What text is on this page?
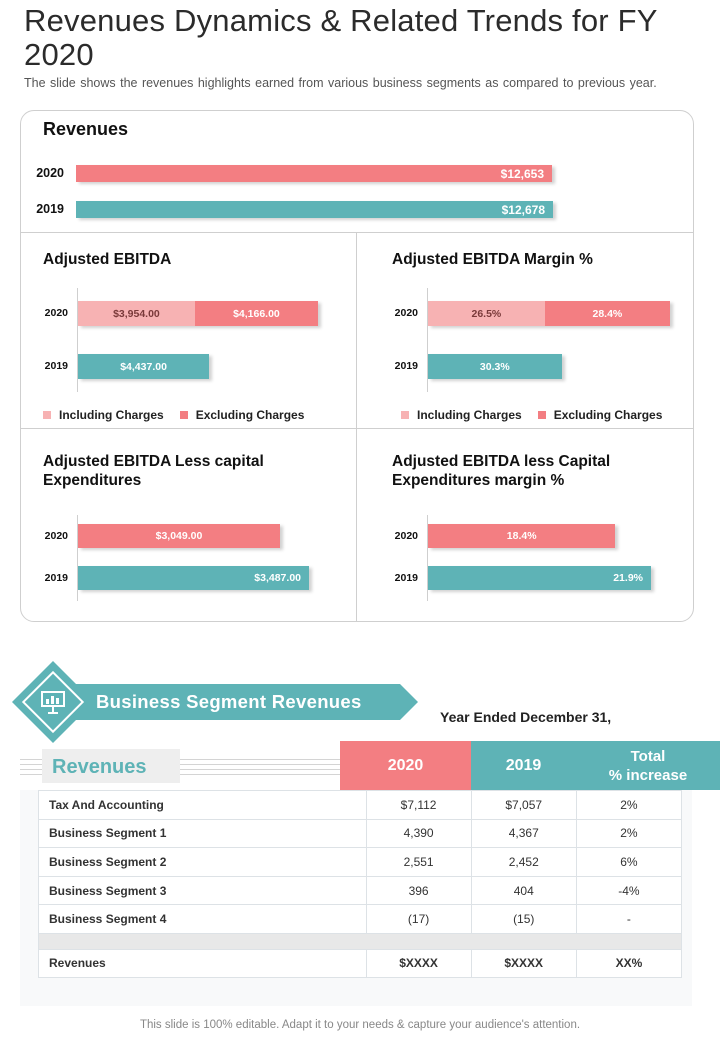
Revenues Dynamics & Related Trends for FY 2020
The slide shows the revenues highlights earned from various business segments as compared to previous year.
Revenues
2020
2019
$12,653
$12,678
Adjusted EBITDA
2020
2019
$3,954.00	$4,166.00
$4,437.00
Including Charges	Excluding Charges
Adjusted EBITDA Margin %
2020
2019
26.5%	28.4%
30.3%
Including Charges	Excluding Charges
Adjusted EBITDA Less capital Expenditures
2020
2019
$3,049.00
$3,487.00
Adjusted EBITDA less Capital Expenditures margin %
2020
2019
18.4%
21.9%
Business Segment Revenues
Year Ended December 31,
Revenues	2020	2019
Total
% increase
Tax And Accounting	$7,112	$7,057	2%
Business Segment 1	4,390	4,367	2%
Business Segment 2	2,551	2,452	6%
Business Segment 3	396	404	-4%
Business Segment 4	(17)	(15)	-

Revenues	$XXXX	$XXXX	XX%
This slide is 100% editable. Adapt it to your needs & capture your audience's attention.
